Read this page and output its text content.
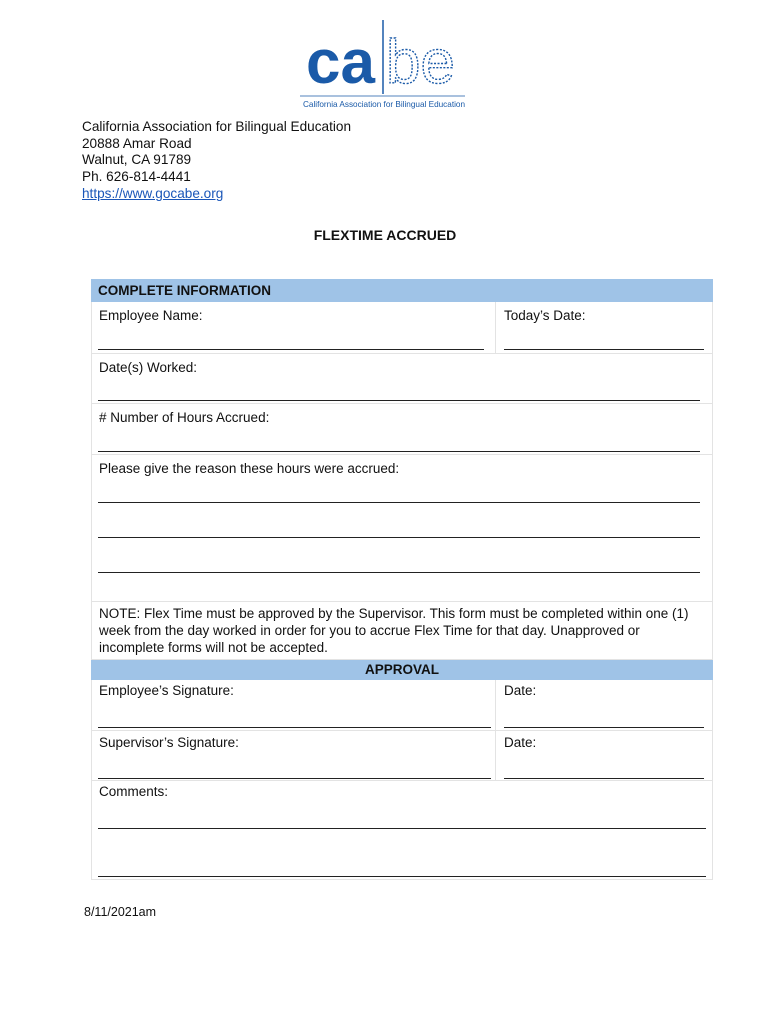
ca be
California Association for Bilingual Education
California Association for Bilingual Education
20888 Amar Road
Walnut, CA 91789
Ph. 626-814-4441
https://www.gocabe.org
FLEXTIME ACCRUED
COMPLETE INFORMATION
Employee Name:	Today’s Date:
Date(s) Worked:
# Number of Hours Accrued:
Please give the reason these hours were accrued:
NOTE: Flex Time must be approved by the Supervisor. This form must be completed within one (1) week from the day worked in order for you to accrue Flex Time for that day. Unapproved or incomplete forms will not be accepted.
APPROVAL
Employee’s Signature:	Date:
Supervisor’s Signature:	Date:
Comments:
8/11/2021am
